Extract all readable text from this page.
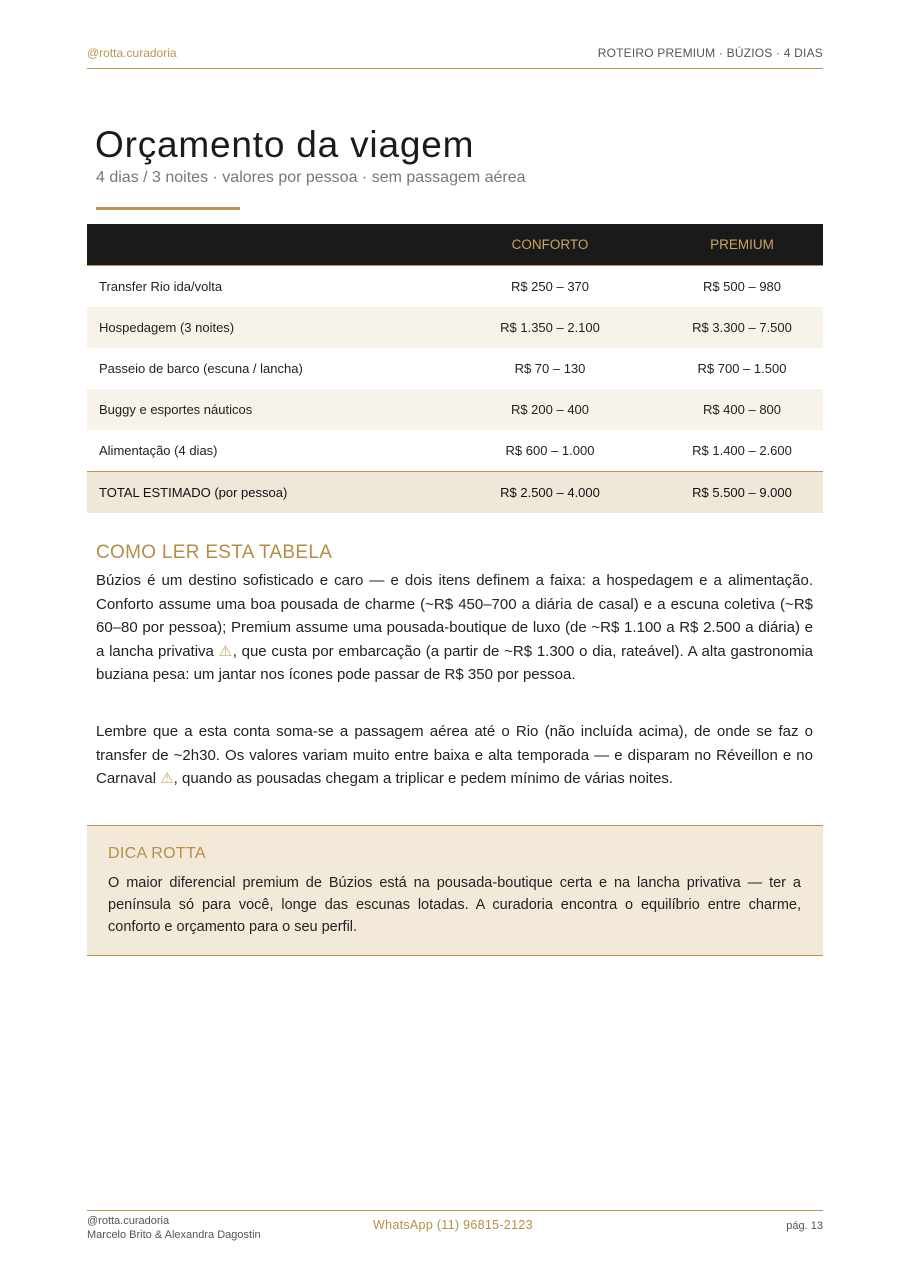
@rotta.curadoria	ROTEIRO PREMIUM · BÚZIOS · 4 DIAS
Orçamento da viagem

4 dias / 3 noites · valores por pessoa · sem passagem aérea

	CONFORTO	PREMIUM
Transfer Rio ida/volta	R$ 250 – 370	R$ 500 – 980
Hospedagem (3 noites)	R$ 1.350 – 2.100	R$ 3.300 – 7.500
Passeio de barco (escuna / lancha)	R$ 70 – 130	R$ 700 – 1.500
Buggy e esportes náuticos	R$ 200 – 400	R$ 400 – 800
Alimentação (4 dias)	R$ 600 – 1.000	R$ 1.400 – 2.600
TOTAL ESTIMADO (por pessoa)	R$ 2.500 – 4.000	R$ 5.500 – 9.000
COMO LER ESTA TABELA

Búzios é um destino sofisticado e caro — e dois itens definem a faixa: a hospedagem e a alimentação. Conforto assume uma boa pousada de charme (~R$ 450–700 a diária de casal) e a escuna coletiva (~R$ 60–80 por pessoa); Premium assume uma pousada-boutique de luxo (de ~R$ 1.100 a R$ 2.500 a diária) e a lancha privativa ⚠, que custa por embarcação (a partir de ~R$ 1.300 o dia, rateável). A alta gastronomia buziana pesa: um jantar nos ícones pode passar de R$ 350 por pessoa.

Lembre que a esta conta soma-se a passagem aérea até o Rio (não incluída acima), de onde se faz o transfer de ~2h30. Os valores variam muito entre baixa e alta temporada — e disparam no Réveillon e no Carnaval ⚠, quando as pousadas chegam a triplicar e pedem mínimo de várias noites.

DICA ROTTA

O maior diferencial premium de Búzios está na pousada-boutique certa e na lancha privativa — ter a península só para você, longe das escunas lotadas. A curadoria encontra o equilíbrio entre charme, conforto e orçamento para o seu perfil.

@rotta.curadoria
Marcelo Brito & Alexandra Dagostin
WhatsApp (11) 96815-2123	pág. 13
